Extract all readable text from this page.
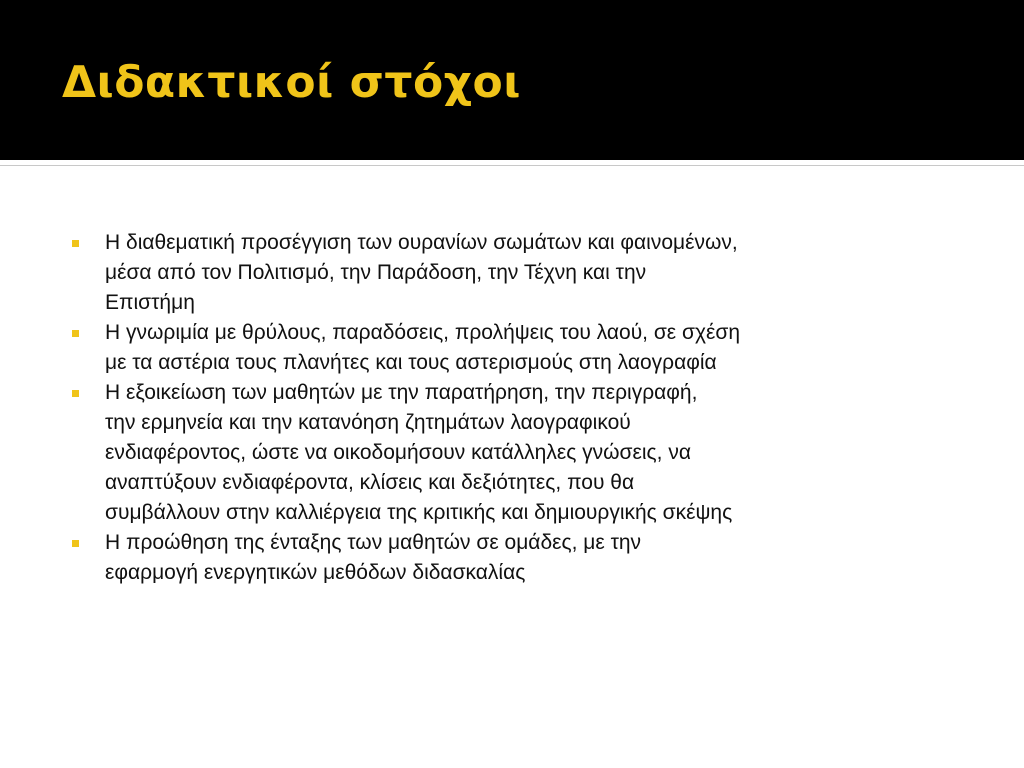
Διδακτικοί στόχοι
Η διαθεματική προσέγγιση των ουρανίων σωμάτων και φαινομένων,
μέσα από τον Πολιτισμό, την Παράδοση, την Τέχνη και την
Επιστήμη
Η γνωριμία με θρύλους, παραδόσεις, προλήψεις του λαού, σε σχέση
με τα αστέρια τους πλανήτες και τους αστερισμούς στη λαογραφία
Η εξοικείωση των μαθητών με την παρατήρηση, την περιγραφή,
την ερμηνεία και την κατανόηση ζητημάτων λαογραφικού
ενδιαφέροντος, ώστε να οικοδομήσουν κατάλληλες γνώσεις, να
αναπτύξουν ενδιαφέροντα, κλίσεις και δεξιότητες, που θα
συμβάλλουν στην καλλιέργεια της κριτικής και δημιουργικής σκέψης
Η προώθηση της ένταξης των μαθητών σε ομάδες, με την
εφαρμογή ενεργητικών μεθόδων διδασκαλίας
